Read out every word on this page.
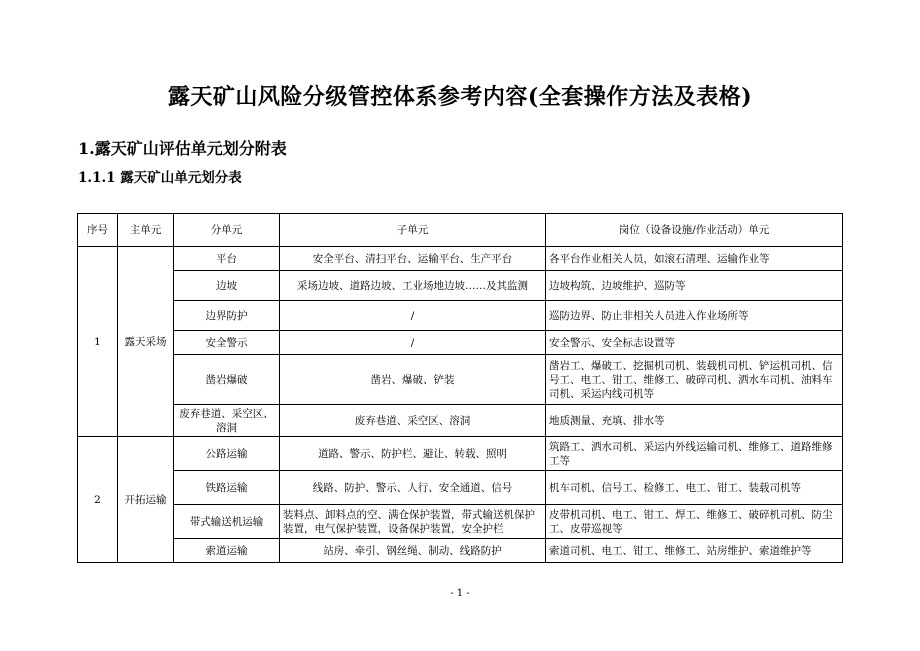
露天矿山风险分级管控体系参考内容(全套操作方法及表格)
1.露天矿山评估单元划分附表
1.1.1 露天矿山单元划分表
序号	主单元	分单元	子单元	岗位（设备设施/作业活动）单元
1	露天采场	平台	安全平台、清扫平台、运输平台、生产平台	各平台作业相关人员，如滚石清理、运输作业等
		边坡	采场边坡、道路边坡、工业场地边坡……及其监测	边坡构筑、边坡维护、巡防等
		边界防护	/	巡防边界、防止非相关人员进入作业场所等
		安全警示	/	安全警示、安全标志设置等
		凿岩爆破	凿岩、爆破、铲装	凿岩工、爆破工、挖掘机司机、装载机司机、铲运机司机、信号工、电工、钳工、维修工、破碎司机、洒水车司机、油料车司机、采运内线司机等
		废弃巷道、采空区、溶洞	废弃巷道、采空区、溶洞	地质测量、充填、排水等
2	开拓运输	公路运输	道路、警示、防护栏、避让、转载、照明	筑路工、洒水司机、采运内外线运输司机、维修工、道路维修工等
		铁路运输	线路、防护、警示、人行、安全通道、信号	机车司机、信号工、检修工、电工、钳工、装载司机等
		带式输送机运输	装料点、卸料点的空、满仓保护装置，带式输送机保护装置，电气保护装置，设备保护装置，安全护栏	皮带机司机、电工、钳工、焊工、维修工、破碎机司机、防尘工、皮带巡视等
		索道运输	站房、牵引、钢丝绳、制动、线路防护	索道司机、电工、钳工、维修工、站房维护、索道维护等
- 1 -
